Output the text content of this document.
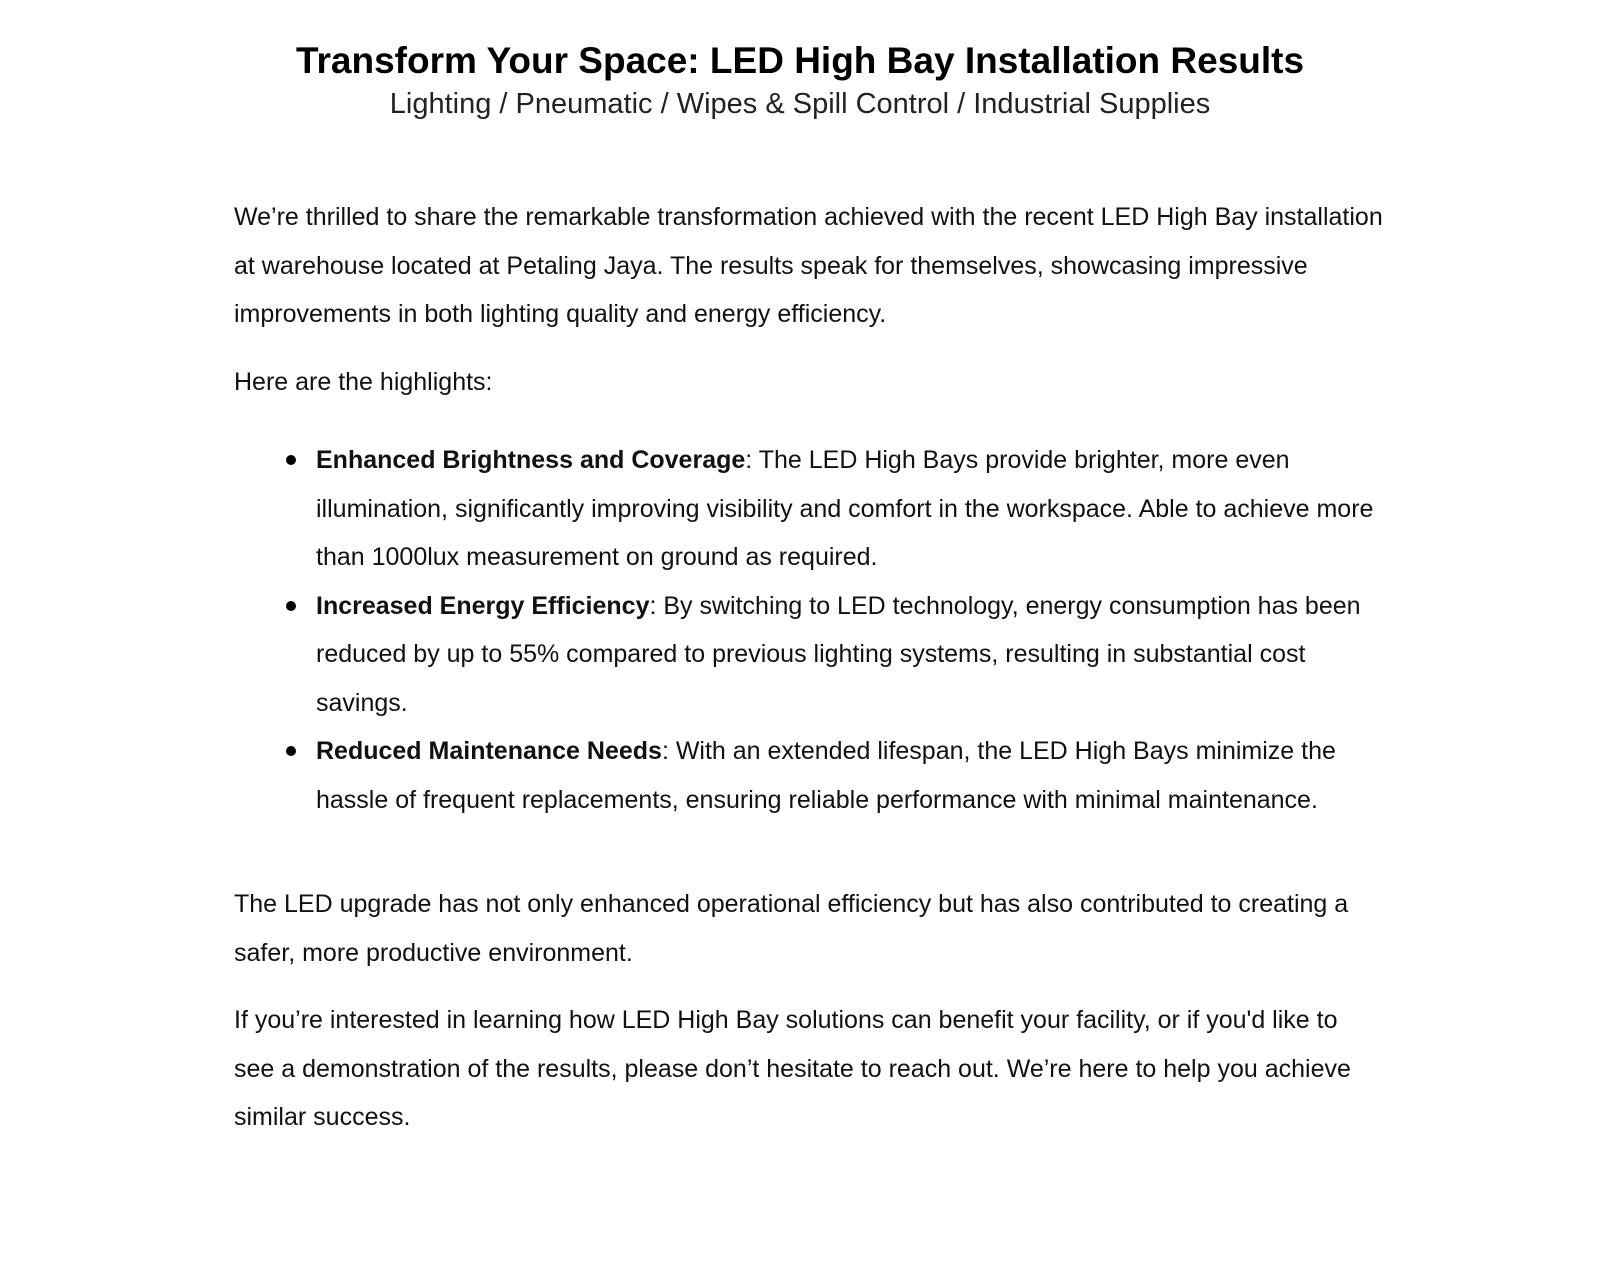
Transform Your Space: LED High Bay Installation Results

Lighting / Pneumatic / Wipes & Spill Control / Industrial Supplies

We’re thrilled to share the remarkable transformation achieved with the recent LED High Bay installation at warehouse located at Petaling Jaya. The results speak for themselves, showcasing impressive improvements in both lighting quality and energy efficiency.

Here are the highlights:

Enhanced Brightness and Coverage: The LED High Bays provide brighter, more even illumination, significantly improving visibility and comfort in the workspace. Able to achieve more than 1000lux measurement on ground as required.
Increased Energy Efficiency: By switching to LED technology, energy consumption has been reduced by up to 55% compared to previous lighting systems, resulting in substantial cost savings.
Reduced Maintenance Needs: With an extended lifespan, the LED High Bays minimize the hassle of frequent replacements, ensuring reliable performance with minimal maintenance.

The LED upgrade has not only enhanced operational efficiency but has also contributed to creating a safer, more productive environment.

If you’re interested in learning how LED High Bay solutions can benefit your facility, or if you'd like to see a demonstration of the results, please don’t hesitate to reach out. We’re here to help you achieve similar success.
